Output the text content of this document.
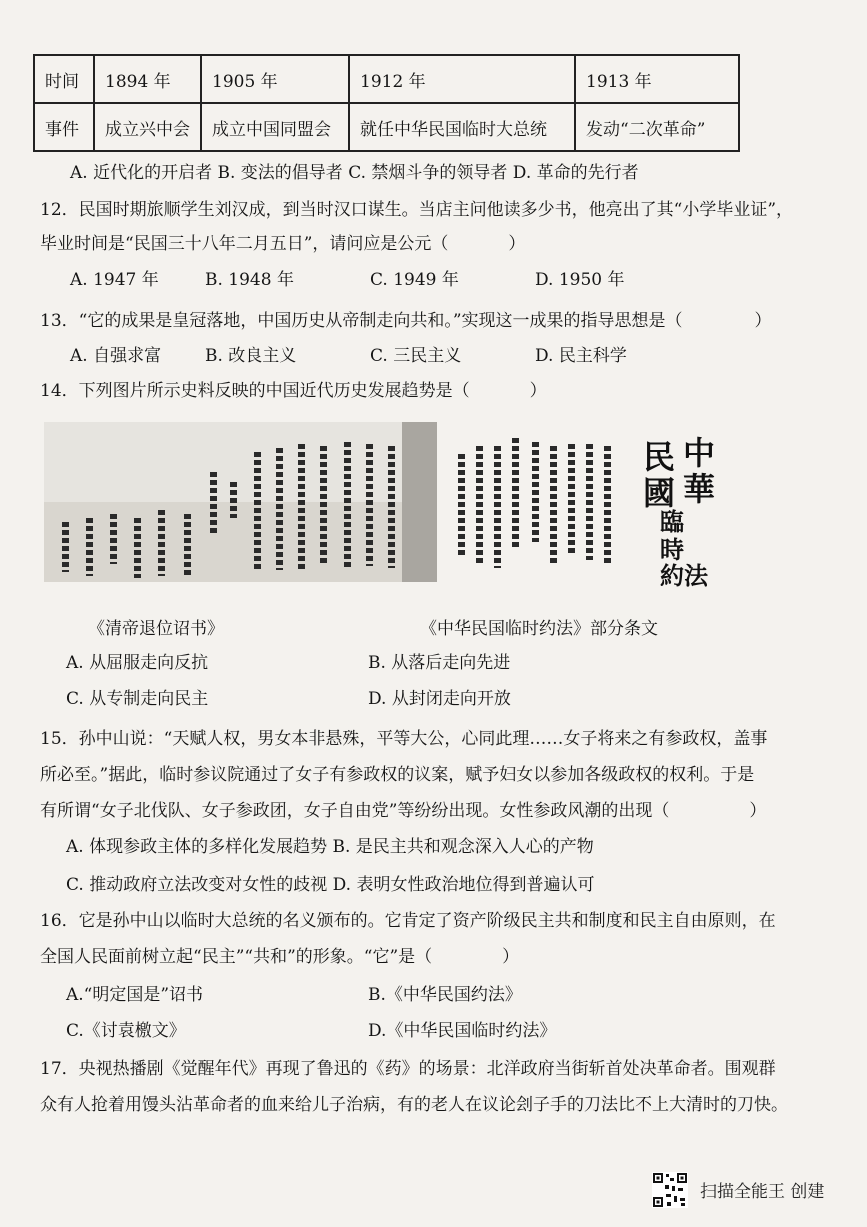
时间	1894 年	1905 年	1912 年	1913 年
事件	成立兴中会	成立中国同盟会	就任中华民国临时大总统	发动“二次革命”
A. 近代化的开启者 B. 变法的倡导者 C. 禁烟斗争的领导者 D. 革命的先行者
12．民国时期旅顺学生刘汉成，到当时汉口谋生。当店主问他读多少书，他亮出了其“小学毕业证”，
毕业时间是“民国三十八年二月五日”，请问应是公元（	）
A. 1947 年	B. 1948 年	C. 1949 年	D. 1950 年
13．“它的成果是皇冠落地，中国历史从帝制走向共和。”实现这一成果的指导思想是（	）
A. 自强求富	B. 改良主义	C. 三民主义	D. 民主科学
14．下列图片所示史料反映的中国近代历史发展趋势是（	）
中
華
民
國
臨
時
約 法
《清帝退位诏书》	《中华民国临时约法》部分条文
A. 从屈服走向反抗	B. 从落后走向先进
C. 从专制走向民主	D. 从封闭走向开放
15．孙中山说：“天赋人权，男女本非悬殊，平等大公，心同此理……女子将来之有参政权，盖事
所必至。”据此，临时参议院通过了女子有参政权的议案，赋予妇女以参加各级政权的权利。于是
有所谓“女子北伐队、女子参政团，女子自由党”等纷纷出现。女性参政风潮的出现（	）
A. 体现参政主体的多样化发展趋势 B. 是民主共和观念深入人心的产物
C. 推动政府立法改变对女性的歧视 D. 表明女性政治地位得到普遍认可
16．它是孙中山以临时大总统的名义颁布的。它肯定了资产阶级民主共和制度和民主自由原则，在
全国人民面前树立起“民主”“共和”的形象。“它”是（	）
A.“明定国是”诏书	B.《中华民国约法》
C.《讨袁檄文》	D.《中华民国临时约法》
17．央视热播剧《觉醒年代》再现了鲁迅的《药》的场景：北洋政府当街斩首处决革命者。围观群
众有人抢着用馒头沾革命者的血来给儿子治病，有的老人在议论刽子手的刀法比不上大清时的刀快。
扫描全能王 创建
